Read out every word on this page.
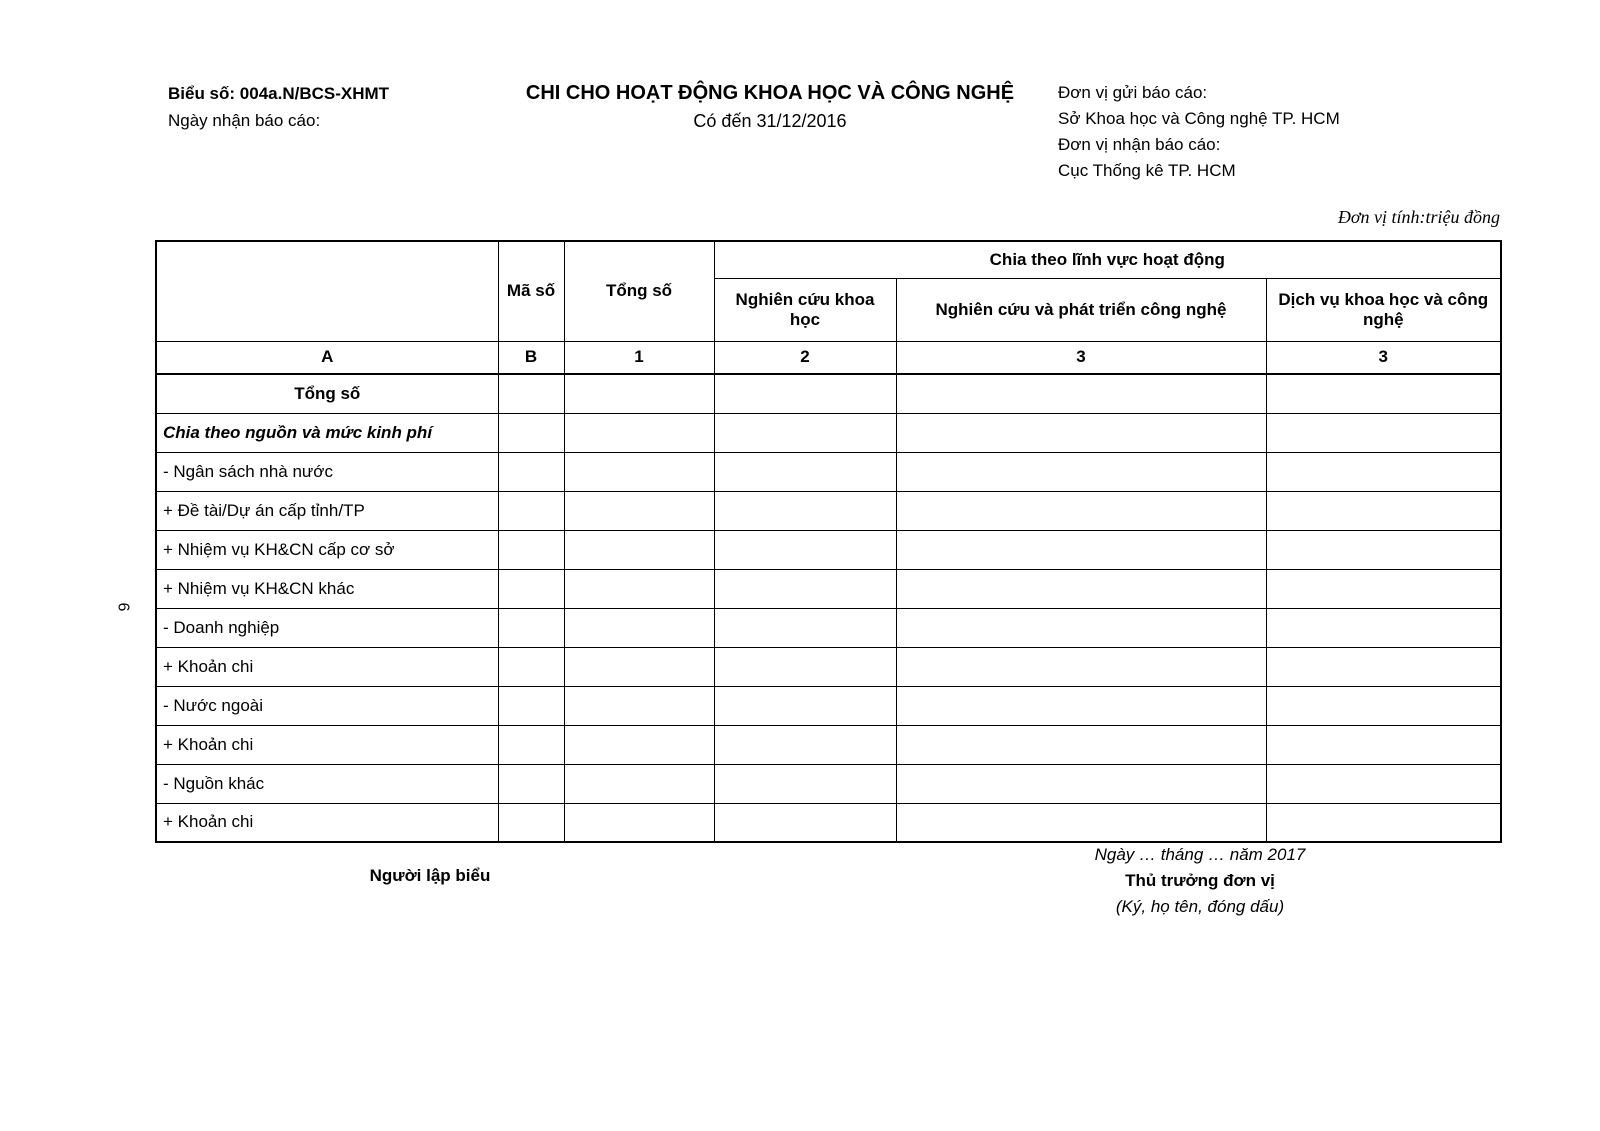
Biểu số: 004a.N/BCS-XHMT
Ngày nhận báo cáo:
CHI CHO HOẠT ĐỘNG KHOA HỌC VÀ CÔNG NGHỆ
Có đến 31/12/2016
Đơn vị gửi báo cáo:
Sở Khoa học và Công nghệ TP. HCM
Đơn vị nhận báo cáo:
Cục Thống kê TP. HCM
Đơn vị tính:triệu đồng
6
	Mã số	Tổng số	Chia theo lĩnh vực hoạt động		
			Nghiên cứu khoa học	Nghiên cứu và phát triển công nghệ	Dịch vụ khoa học và công nghệ
A	B	1	2	3	3
Tổng số					
Chia theo nguồn và mức kinh phí					
- Ngân sách nhà nước					
+ Đề tài/Dự án cấp tỉnh/TP					
+ Nhiệm vụ KH&CN cấp cơ sở					
+ Nhiệm vụ KH&CN khác					
- Doanh nghiệp					
+ Khoản chi					
- Nước ngoài					
+ Khoản chi					
- Nguồn khác					
+ Khoản chi					
Người lập biểu
Ngày … tháng … năm 2017
Thủ trưởng đơn vị
(Ký, họ tên, đóng dấu)
